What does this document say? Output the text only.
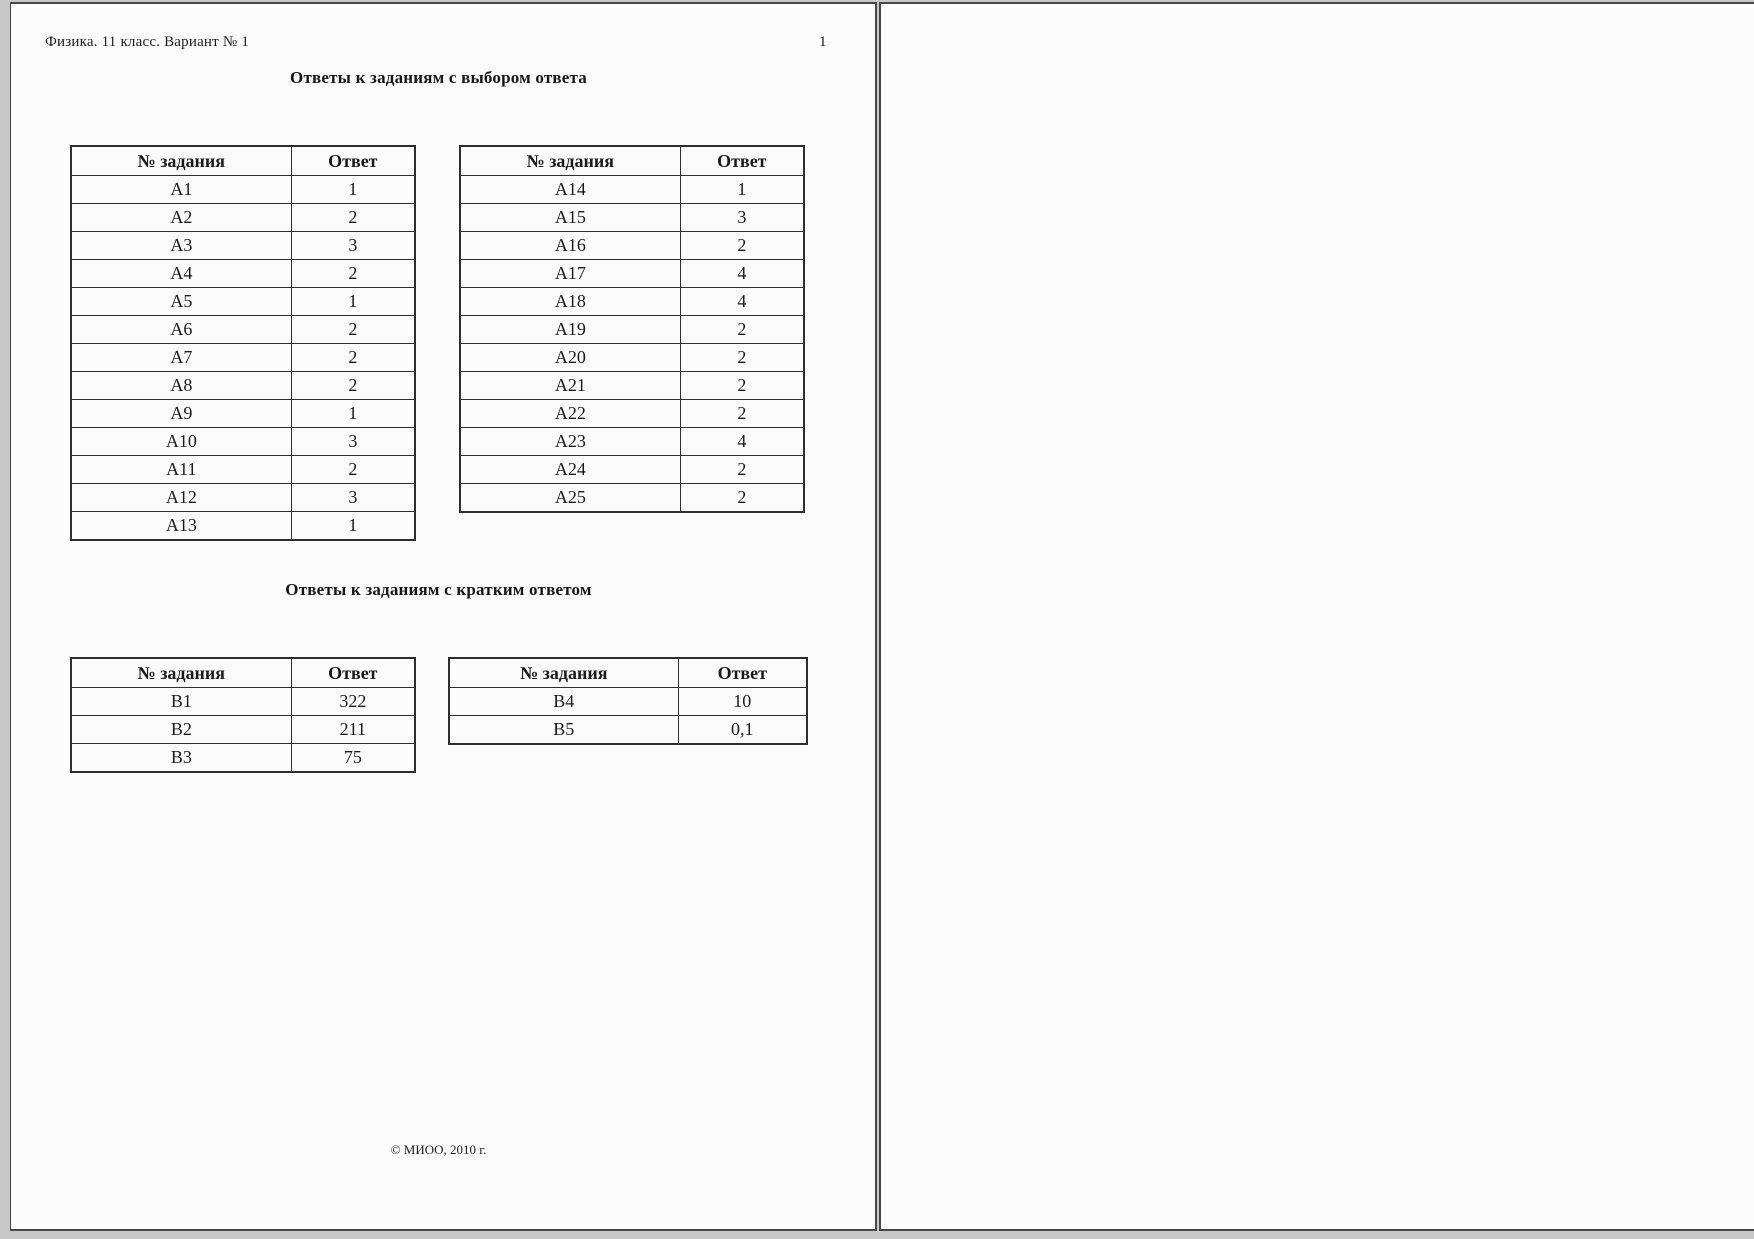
Физика. 11 класс. Вариант № 1	1
Ответы к заданиям с выбором ответа
№ задания	Ответ
А1	1
А2	2
А3	3
А4	2
А5	1
А6	2
А7	2
А8	2
А9	1
А10	3
А11	2
А12	3
А13	1
№ задания	Ответ
А14	1
А15	3
А16	2
А17	4
А18	4
А19	2
А20	2
А21	2
А22	2
А23	4
А24	2
А25	2
Ответы к заданиям с кратким ответом
№ задания	Ответ
В1	322
В2	211
В3	75
№ задания	Ответ
В4	10
В5	0,1
© МИОО, 2010 г.
